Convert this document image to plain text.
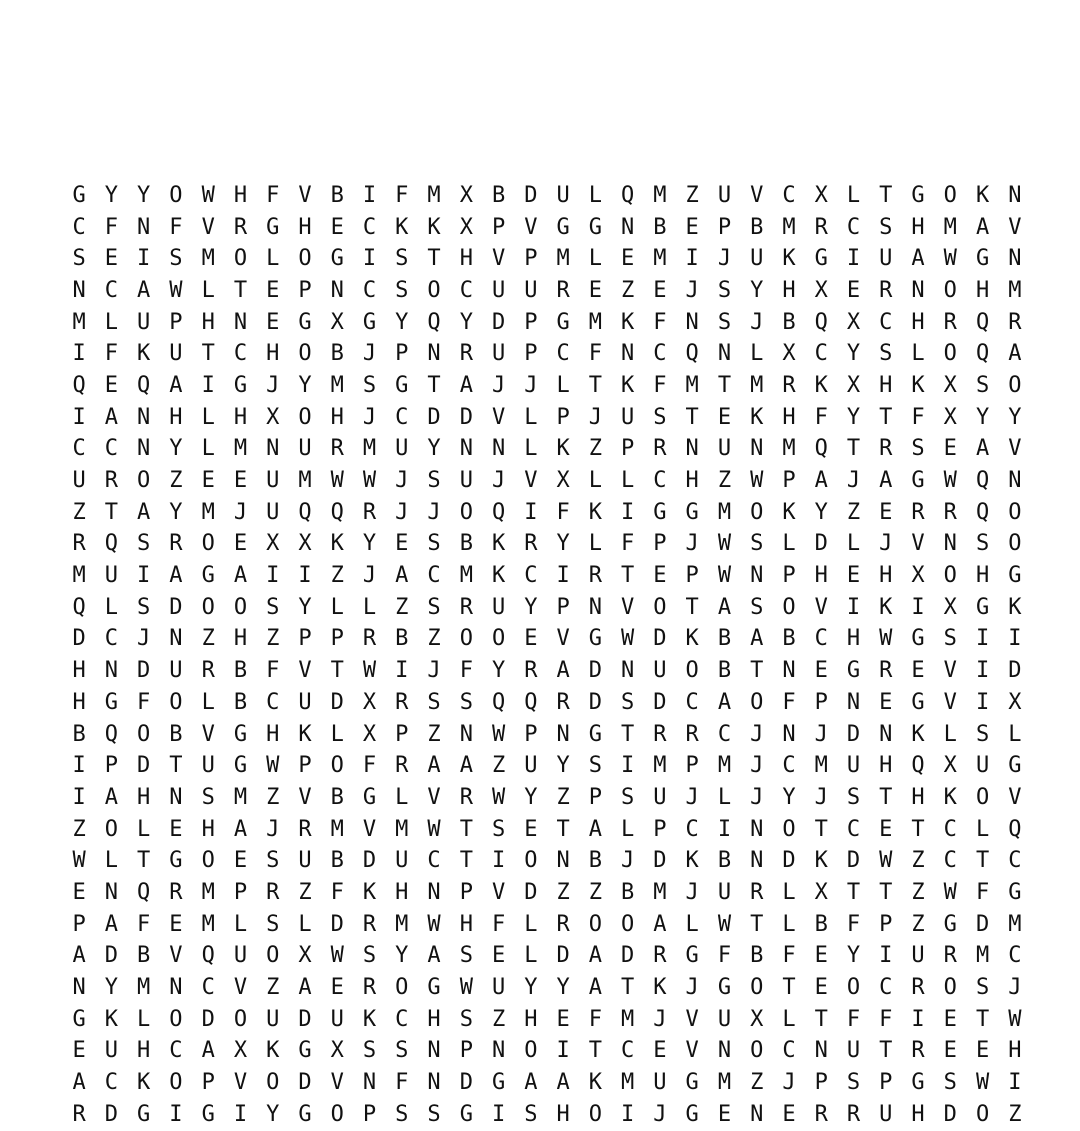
G Y Y O W H F V B I F M X B D U L Q M Z U V C X L T G O K N
C F N F V R G H E C K K X P V G G N B E P B M R C S H M A V
S E I S M O L O G I S T H V P M L E M I J U K G I U A W G N
N C A W L T E P N C S O C U U R E Z E J S Y H X E R N O H M
M L U P H N E G X G Y Q Y D P G M K F N S J B Q X C H R Q R
I F K U T C H O B J P N R U P C F N C Q N L X C Y S L O Q A
Q E Q A I G J Y M S G T A J J L T K F M T M R K X H K X S O
I A N H L H X O H J C D D V L P J U S T E K H F Y T F X Y Y
C C N Y L M N U R M U Y N N L K Z P R N U N M Q T R S E A V
U R O Z E E U M W W J S U J V X L L C H Z W P A J A G W Q N
Z T A Y M J U Q Q R J J O Q I F K I G G M O K Y Z E R R Q O
R Q S R O E X X K Y E S B K R Y L F P J W S L D L J V N S O
M U I A G A I I Z J A C M K C I R T E P W N P H E H X O H G
Q L S D O O S Y L L Z S R U Y P N V O T A S O V I K I X G K
D C J N Z H Z P P R B Z O O E V G W D K B A B C H W G S I I
H N D U R B F V T W I J F Y R A D N U O B T N E G R E V I D
H G F O L B C U D X R S S Q Q R D S D C A O F P N E G V I X
B Q O B V G H K L X P Z N W P N G T R R C J N J D N K L S L
I P D T U G W P O F R A A Z U Y S I M P M J C M U H Q X U G
I A H N S M Z V B G L V R W Y Z P S U J L J Y J S T H K O V
Z O L E H A J R M V M W T S E T A L P C I N O T C E T C L Q
W L T G O E S U B D U C T I O N B J D K B N D K D W Z C T C
E N Q R M P R Z F K H N P V D Z Z B M J U R L X T T Z W F G
P A F E M L S L D R M W H F L R O O A L W T L B F P Z G D M
A D B V Q U O X W S Y A S E L D A D R G F B F E Y I U R M C
N Y M N C V Z A E R O G W U Y Y A T K J G O T E O C R O S J
G K L O D O U D U K C H S Z H E F M J V U X L T F F I E T W
E U H C A X K G X S S N P N O I T C E V N O C N U T R E E H
A C K O P V O D V N F N D G A A K M U G M Z J P S P G S W I
R D G I G I Y G O P S S G I S H O I J G E N E R R U H D O Z
